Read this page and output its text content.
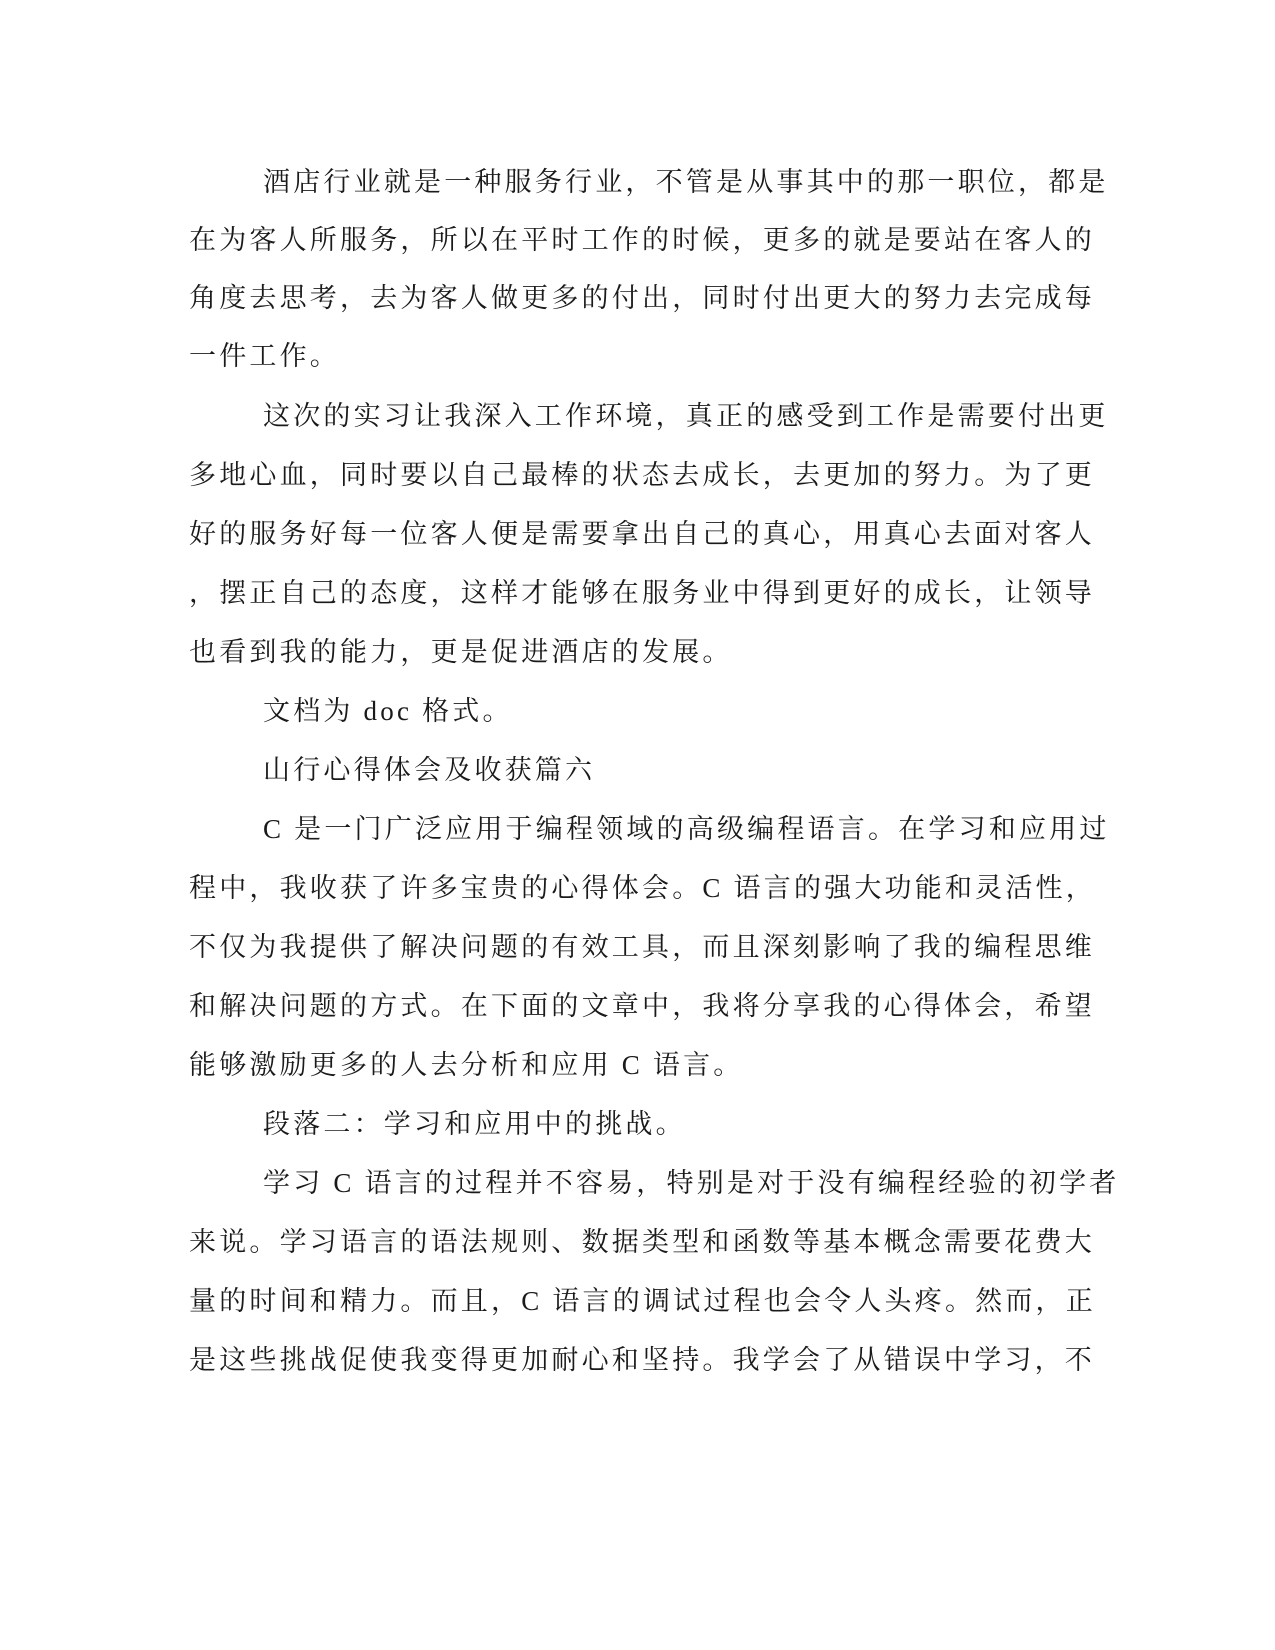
酒店行业就是一种服务行业，不管是从事其中的那一职位，都是
在为客人所服务，所以在平时工作的时候，更多的就是要站在客人的
角度去思考，去为客人做更多的付出，同时付出更大的努力去完成每
一件工作。
这次的实习让我深入工作环境，真正的感受到工作是需要付出更
多地心血，同时要以自己最棒的状态去成长，去更加的努力。为了更
好的服务好每一位客人便是需要拿出自己的真心，用真心去面对客人
，摆正自己的态度，这样才能够在服务业中得到更好的成长，让领导
也看到我的能力，更是促进酒店的发展。
文档为 doc 格式。
山行心得体会及收获篇六
C 是一门广泛应用于编程领域的高级编程语言。在学习和应用过
程中，我收获了许多宝贵的心得体会。C 语言的强大功能和灵活性，
不仅为我提供了解决问题的有效工具，而且深刻影响了我的编程思维
和解决问题的方式。在下面的文章中，我将分享我的心得体会，希望
能够激励更多的人去分析和应用 C 语言。
段落二：学习和应用中的挑战。
学习 C 语言的过程并不容易，特别是对于没有编程经验的初学者
来说。学习语言的语法规则、数据类型和函数等基本概念需要花费大
量的时间和精力。而且，C 语言的调试过程也会令人头疼。然而，正
是这些挑战促使我变得更加耐心和坚持。我学会了从错误中学习，不
